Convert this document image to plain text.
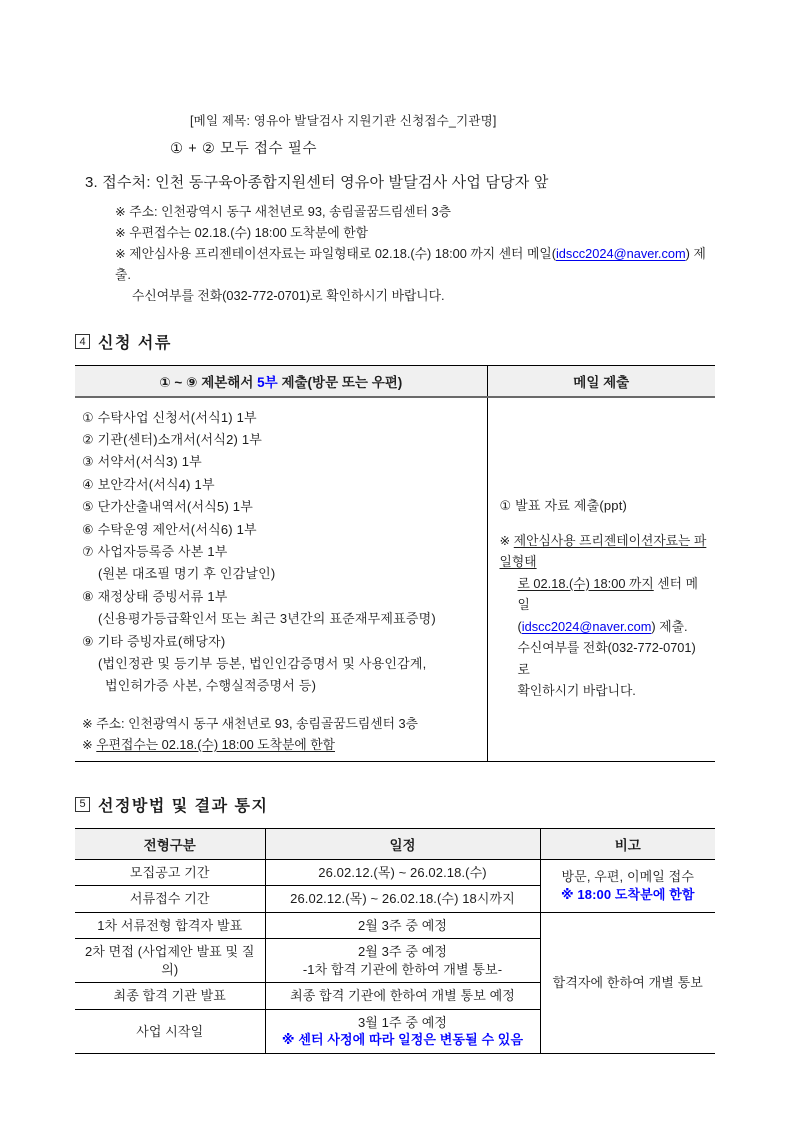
[메일 제목: 영유아 발달검사 지원기관 신청접수_기관명]
① + ② 모두 접수 필수
3. 접수처: 인천 동구육아종합지원센터 영유아 발달검사 사업 담당자 앞
※ 주소: 인천광역시 동구 새천년로 93, 송림골꿈드림센터 3층
※ 우편접수는 02.18.(수) 18:00 도착분에 한함
※ 제안심사용 프리젠테이션자료는 파일형태로 02.18.(수) 18:00 까지 센터 메일(idscc2024@naver.com) 제출.
수신여부를 전화(032-772-0701)로 확인하시기 바랍니다.
4 신청 서류
① ~ ⑨ 제본해서 5부 제출(방문 또는 우편)	메일 제출

① 수탁사업 신청서(서식1) 1부
② 기관(센터)소개서(서식2) 1부
③ 서약서(서식3) 1부
④ 보안각서(서식4) 1부
⑤ 단가산출내역서(서식5) 1부
⑥ 수탁운영 제안서(서식6) 1부
⑦ 사업자등록증 사본 1부
(원본 대조필 명기 후 인감날인)
⑧ 재정상태 증빙서류 1부
(신용평가등급확인서 또는 최근 3년간의 표준재무제표증명)
⑨ 기타 증빙자료(해당자)
(법인정관 및 등기부 등본, 법인인감증명서 및 사용인감계,
법인허가증 사본, 수행실적증명서 등)
※ 주소: 인천광역시 동구 새천년로 93, 송림골꿈드림센터 3층
※ 우편접수는 02.18.(수) 18:00 도착분에 한함

① 발표 자료 제출(ppt)
※ 제안심사용 프리젠테이션자료는 파일형태
로 02.18.(수) 18:00 까지 센터 메일
(idscc2024@naver.com) 제출.
수신여부를 전화(032-772-0701)로
확인하시기 바랍니다.
5 선정방법 및 결과 통지
전형구분	일정	비고
모집공고 기간	26.02.12.(목) ~ 26.02.18.(수)	방문, 우편, 이메일 접수
※ 18:00 도착분에 한함

서류접수 기간	26.02.12.(목) ~ 26.02.18.(수) 18시까지	
1차 서류전형 합격자 발표	2월 3주 중 예정	합격자에 한하여 개별 통보
2차 면접 (사업제안 발표 및 질의)	2월 3주 중 예정
-1차 합격 기관에 한하여 개별 통보-	

최종 합격 기관 발표	최종 합격 기관에 한하여 개별 통보 예정	
사업 시작일	3월 1주 중 예정
※ 센터 사정에 따라 일정은 변동될 수 있음	
